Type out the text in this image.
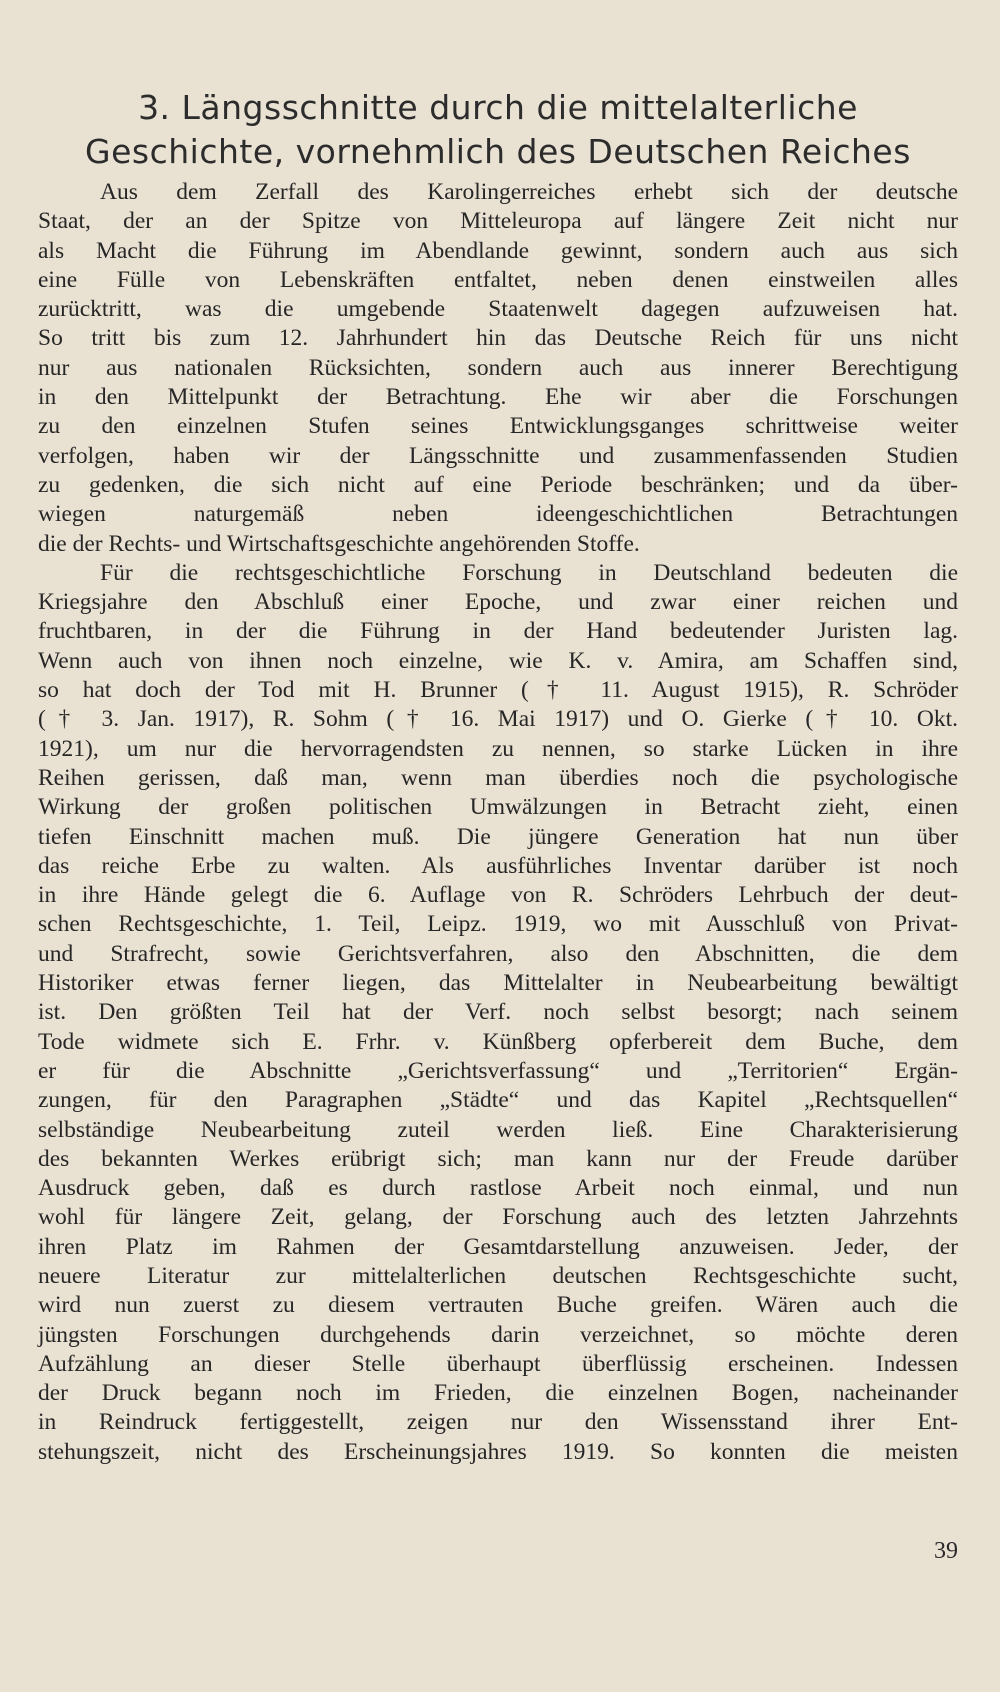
3. Längsschnitte durch die mittelalterliche
Geschichte, vornehmlich des Deutschen Reiches
Aus dem Zerfall des Karolingerreiches erhebt sich der deutsche
Staat, der an der Spitze von Mitteleuropa auf längere Zeit nicht nur
als Macht die Führung im Abendlande gewinnt, sondern auch aus sich
eine Fülle von Lebenskräften entfaltet, neben denen einstweilen alles
zurücktritt, was die umgebende Staatenwelt dagegen aufzuweisen hat.
So tritt bis zum 12. Jahrhundert hin das Deutsche Reich für uns nicht
nur aus nationalen Rücksichten, sondern auch aus innerer Berechtigung
in den Mittelpunkt der Betrachtung. Ehe wir aber die Forschungen
zu den einzelnen Stufen seines Entwicklungsganges schrittweise weiter
verfolgen, haben wir der Längsschnitte und zusammenfassenden Studien
zu gedenken, die sich nicht auf eine Periode beschränken; und da über-
wiegen naturgemäß neben ideengeschichtlichen Betrachtungen
die der Rechts- und Wirtschaftsgeschichte angehörenden Stoffe.
Für die rechtsgeschichtliche Forschung in Deutschland bedeuten die
Kriegsjahre den Abschluß einer Epoche, und zwar einer reichen und
fruchtbaren, in der die Führung in der Hand bedeutender Juristen lag.
Wenn auch von ihnen noch einzelne, wie K. v. Amira, am Schaffen sind,
so hat doch der Tod mit H. Brunner († 11. August 1915), R. Schröder
(† 3. Jan. 1917), R. Sohm († 16. Mai 1917) und O. Gierke († 10. Okt.
1921), um nur die hervorragendsten zu nennen, so starke Lücken in ihre
Reihen gerissen, daß man, wenn man überdies noch die psychologische
Wirkung der großen politischen Umwälzungen in Betracht zieht, einen
tiefen Einschnitt machen muß. Die jüngere Generation hat nun über
das reiche Erbe zu walten. Als ausführliches Inventar darüber ist noch
in ihre Hände gelegt die 6. Auflage von R. Schröders Lehrbuch der deut-
schen Rechtsgeschichte, 1. Teil, Leipz. 1919, wo mit Ausschluß von Privat-
und Strafrecht, sowie Gerichtsverfahren, also den Abschnitten, die dem
Historiker etwas ferner liegen, das Mittelalter in Neubearbeitung bewältigt
ist. Den größten Teil hat der Verf. noch selbst besorgt; nach seinem
Tode widmete sich E. Frhr. v. Künßberg opferbereit dem Buche, dem
er für die Abschnitte „Gerichtsverfassung“ und „Territorien“ Ergän-
zungen, für den Paragraphen „Städte“ und das Kapitel „Rechtsquellen“
selbständige Neubearbeitung zuteil werden ließ. Eine Charakterisierung
des bekannten Werkes erübrigt sich; man kann nur der Freude darüber
Ausdruck geben, daß es durch rastlose Arbeit noch einmal, und nun
wohl für längere Zeit, gelang, der Forschung auch des letzten Jahrzehnts
ihren Platz im Rahmen der Gesamtdarstellung anzuweisen. Jeder, der
neuere Literatur zur mittelalterlichen deutschen Rechtsgeschichte sucht,
wird nun zuerst zu diesem vertrauten Buche greifen. Wären auch die
jüngsten Forschungen durchgehends darin verzeichnet, so möchte deren
Aufzählung an dieser Stelle überhaupt überflüssig erscheinen. Indessen
der Druck begann noch im Frieden, die einzelnen Bogen, nacheinander
in Reindruck fertiggestellt, zeigen nur den Wissensstand ihrer Ent-
stehungszeit, nicht des Erscheinungsjahres 1919. So konnten die meisten
39
